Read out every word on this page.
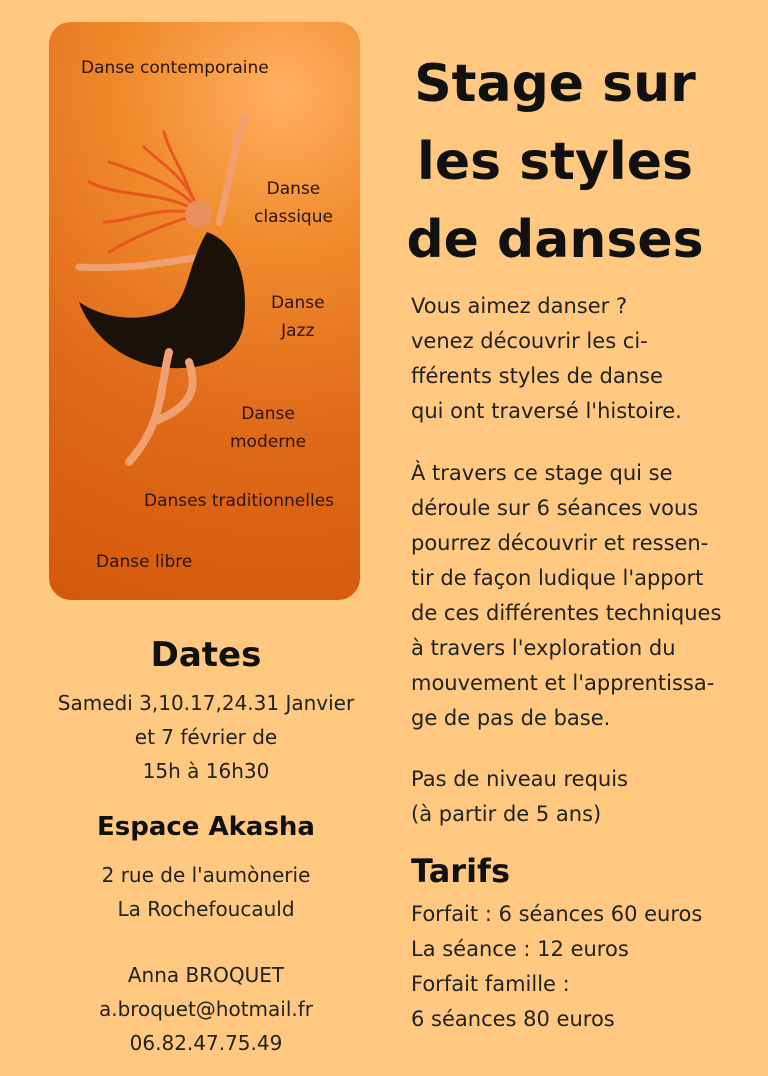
Danse contemporaine
Danse
classique
Danse
Jazz
Danse
moderne
Danses traditionnelles
Danse libre
Stage sur
les styles
de danses
Vous aimez danser ?
venez découvrir les ci-
fférents styles de danse
qui ont traversé l'histoire.
À travers ce stage qui se
déroule sur 6 séances vous
pourrez découvrir et ressen-
tir de façon ludique l'apport
de ces différentes techniques
à travers l'exploration du
mouvement et l'apprentissa-
ge de pas de base.
Pas de niveau requis
(à partir de 5 ans)
Tarifs
Forfait : 6 séances 60 euros
La séance : 12 euros
Forfait famille :
6 séances 80 euros
Dates
Samedi 3,10.17,24.31 Janvier
et 7 février de
15h à 16h30
Espace Akasha
2 rue de l'aumònerie
La Rochefoucauld
Anna BROQUET
a.broquet@hotmail.fr
06.82.47.75.49
